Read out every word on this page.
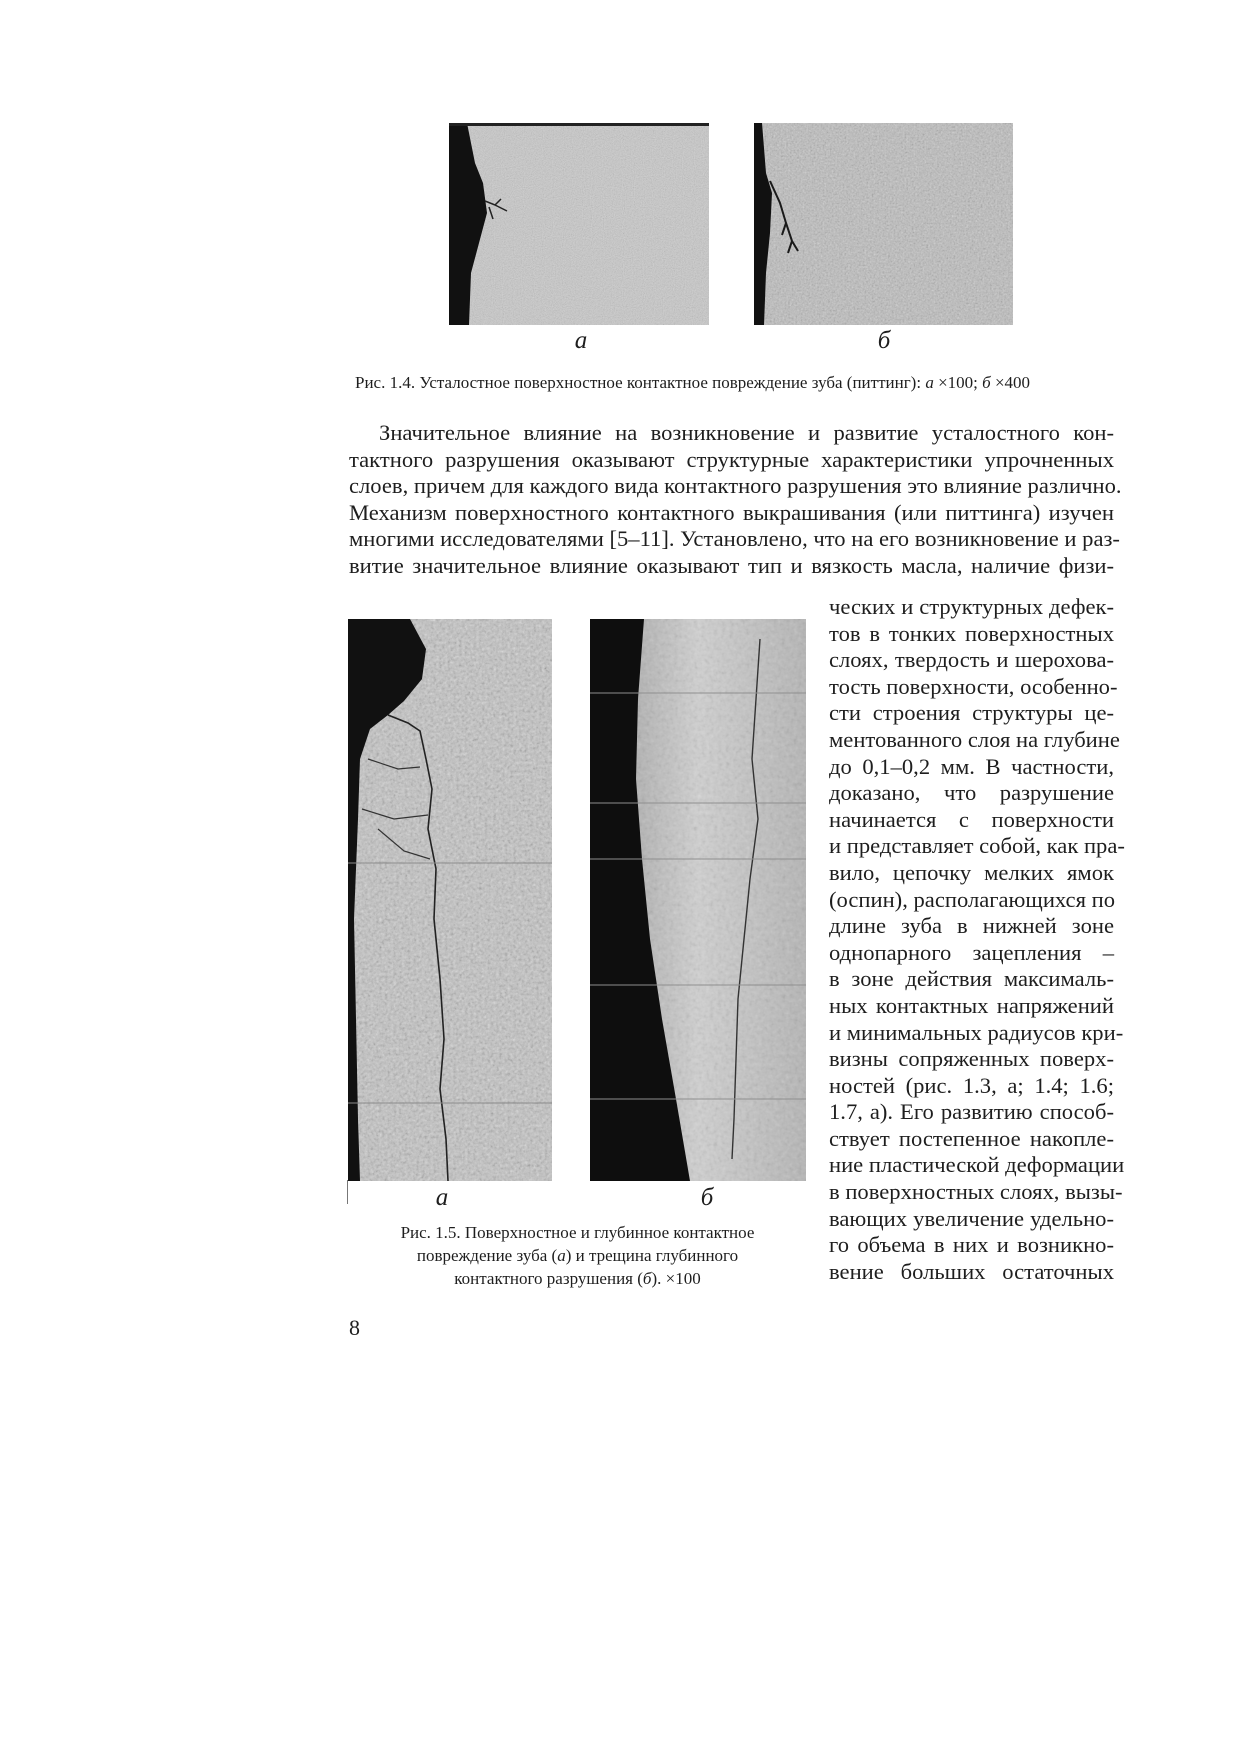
а	б
Рис. 1.4. Усталостное поверхностное контактное повреждение зуба (питтинг): а ×100; б ×400
Значительное влияние на возникновение и развитие усталостного кон-
тактного разрушения оказывают структурные характеристики упрочненных
слоев, причем для каждого вида контактного разрушения это влияние различно.
Механизм поверхностного контактного выкрашивания (или питтинга) изучен
многими исследователями [5–11]. Установлено, что на его возникновение и раз-
витие значительное влияние оказывают тип и вязкость масла, наличие физи-
а	б
Рис. 1.5. Поверхностное и глубинное контактное
повреждение зуба (а) и трещина глубинного
контактного разрушения (б). ×100
ческих и структурных дефек-
тов в тонких поверхностных
слоях, твердость и шерохова-
тость поверхности, особенно-
сти строения структуры це-
ментованного слоя на глубине
до 0,1–0,2 мм. В частности,
доказано, что разрушение
начинается с поверхности
и представляет собой, как пра-
вило, цепочку мелких ямок
(оспин), располагающихся по
длине зуба в нижней зоне
однопарного зацепления –
в зоне действия максималь-
ных контактных напряжений
и минимальных радиусов кри-
визны сопряженных поверх-
ностей (рис. 1.3, а; 1.4; 1.6;
1.7, а). Его развитию способ-
ствует постепенное накопле-
ние пластической деформации
в поверхностных слоях, вызы-
вающих увеличение удельно-
го объема в них и возникно-
вение больших остаточных
8
